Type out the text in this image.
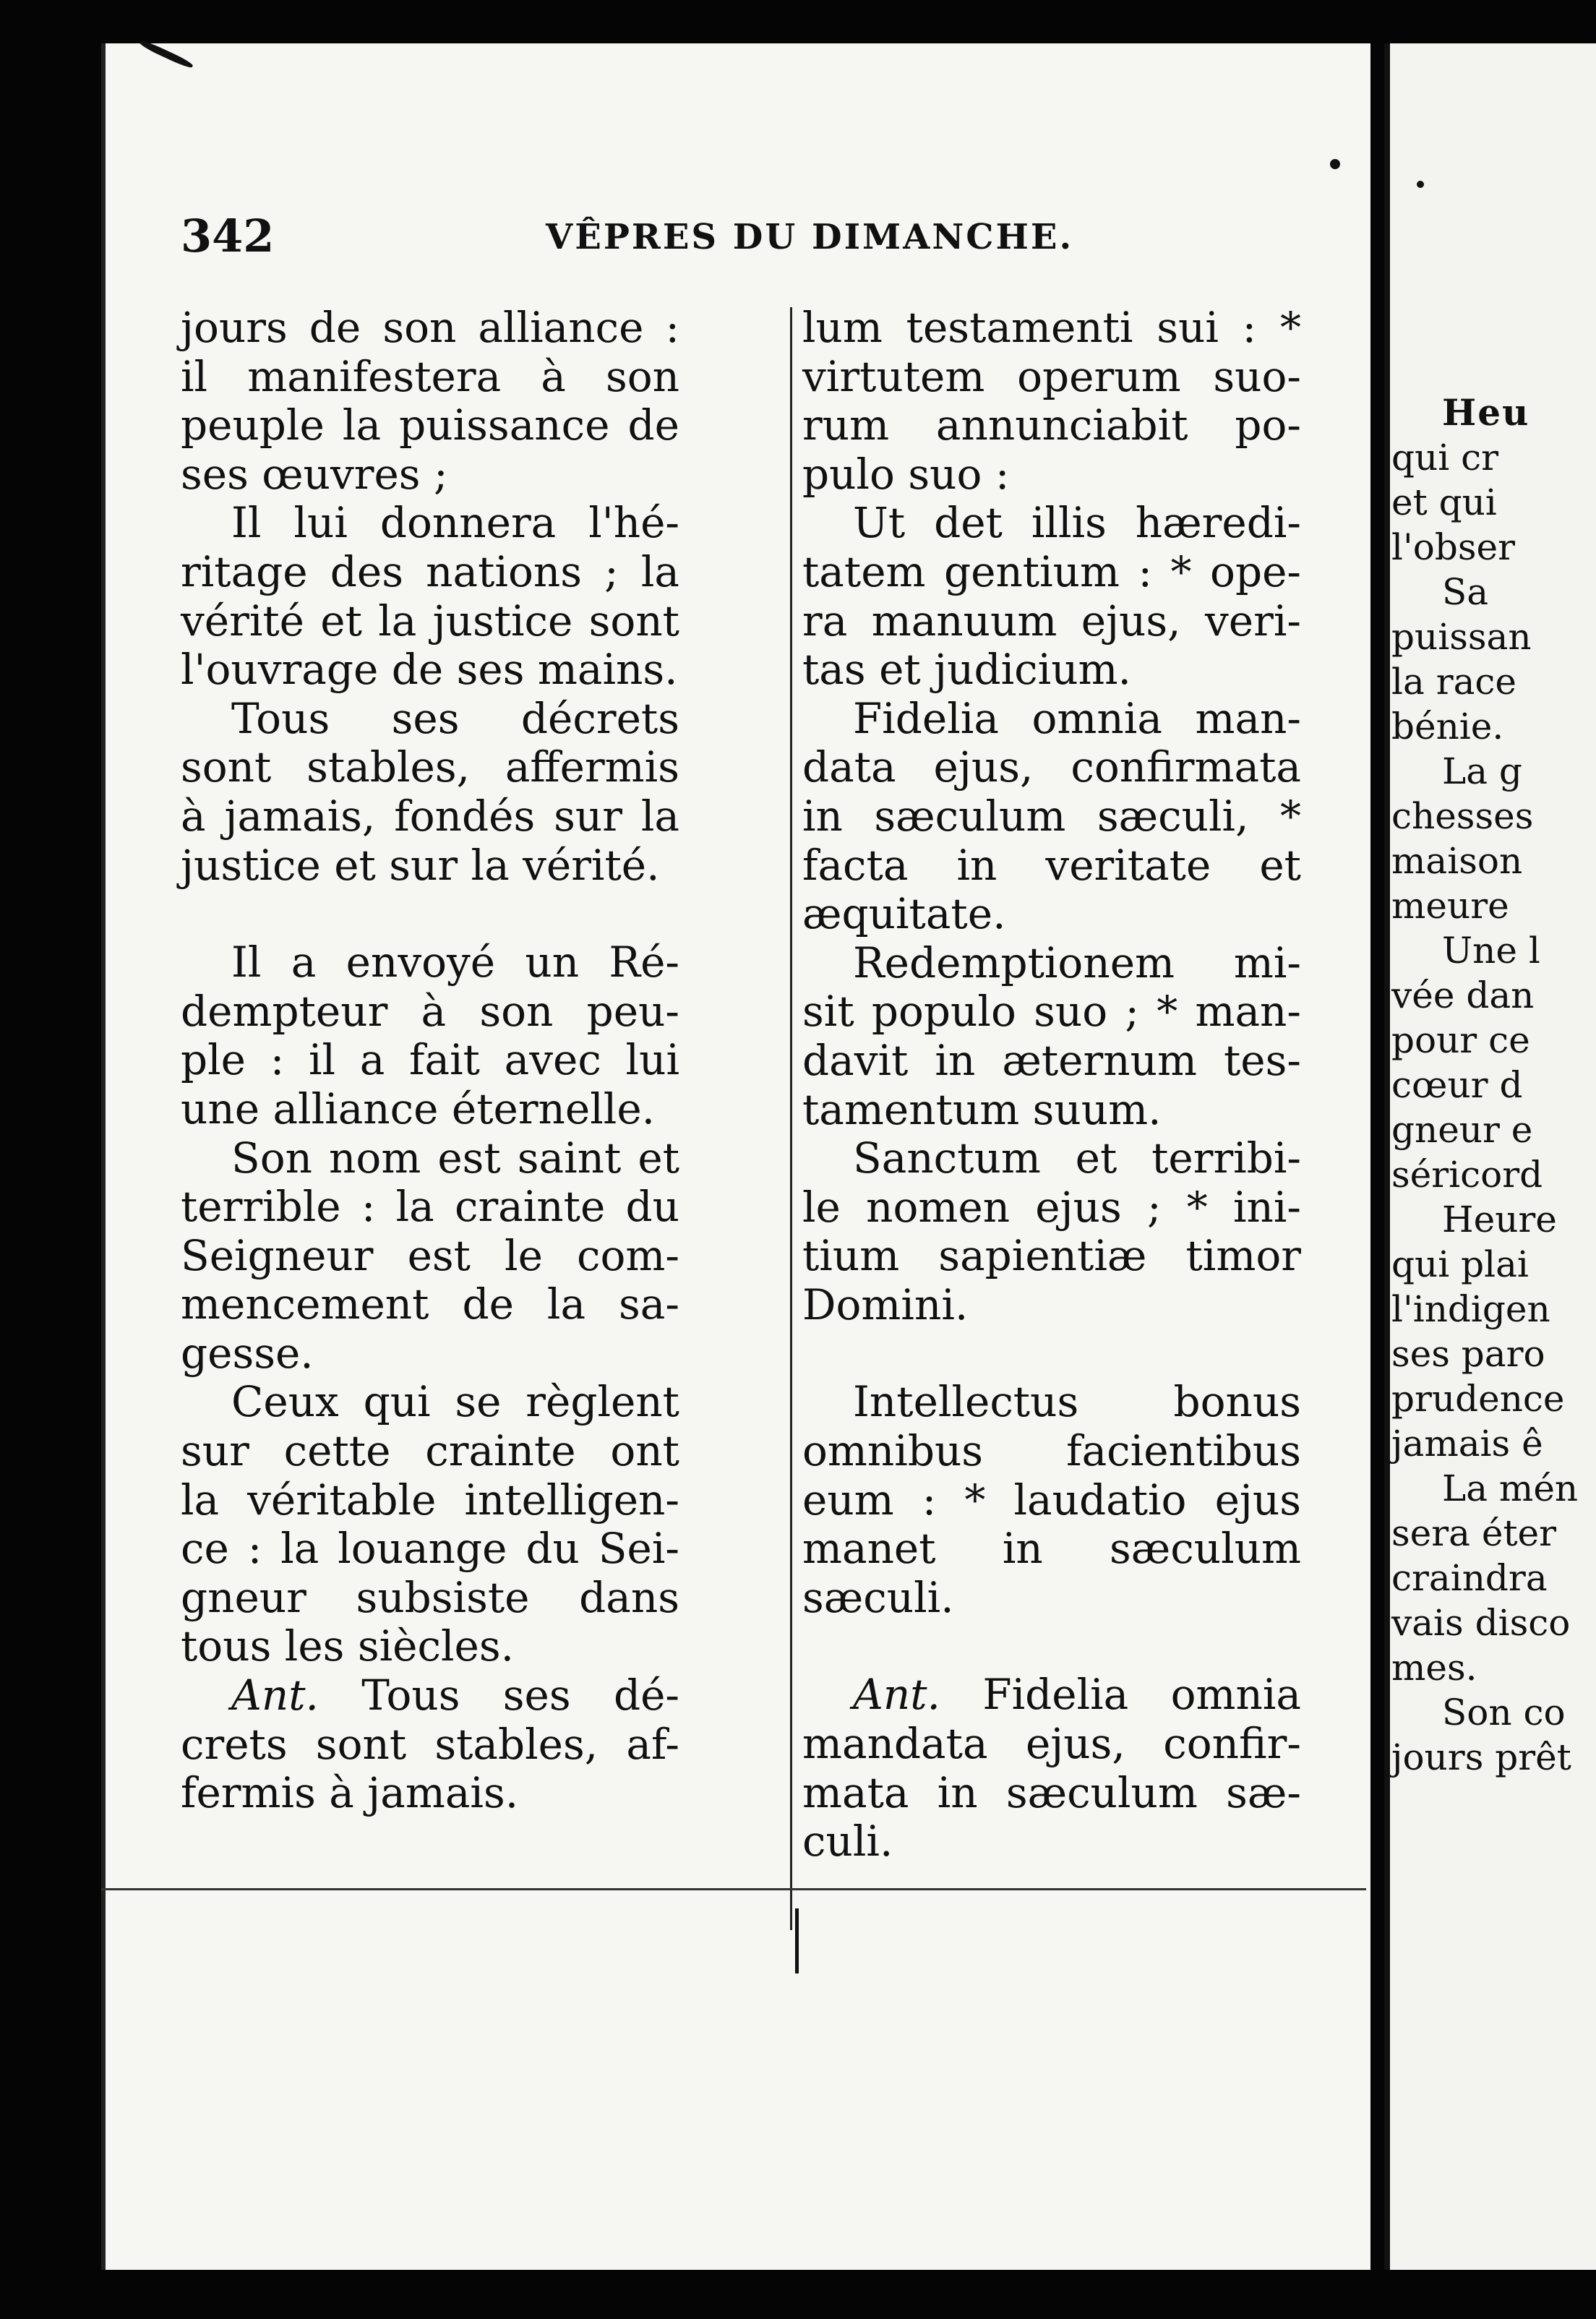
342	VÊPRES DU DIMANCHE.
jours de son alliance :
il manifestera à son
peuple la puissance de
ses œuvres ;
Il lui donnera l'hé-
ritage des nations ; la
vérité et la justice sont
l'ouvrage de ses mains.
Tous ses décrets
sont stables, affermis
à jamais, fondés sur la
justice et sur la vérité.
Il a envoyé un Ré-
dempteur à son peu-
ple : il a fait avec lui
une alliance éternelle.
Son nom est saint et
terrible : la crainte du
Seigneur est le com-
mencement de la sa-
gesse.
Ceux qui se règlent
sur cette crainte ont
la véritable intelligen-
ce : la louange du Sei-
gneur subsiste dans
tous les siècles.
Ant. Tous ses dé-
crets sont stables, af-
fermis à jamais.
lum testamenti sui : *
virtutem operum suo-
rum annunciabit po-
pulo suo :
Ut det illis hæredi-
tatem gentium : * ope-
ra manuum ejus, veri-
tas et judicium.
Fidelia omnia man-
data ejus, confirmata
in sæculum sæculi, *
facta in veritate et
æquitate.
Redemptionem mi-
sit populo suo ; * man-
davit in æternum tes-
tamentum suum.
Sanctum et terribi-
le nomen ejus ; * ini-
tium sapientiæ timor
Domini.
Intellectus bonus
omnibus facientibus
eum : * laudatio ejus
manet in sæculum
sæculi.
Ant. Fidelia omnia
mandata ejus, confir-
mata in sæculum sæ-
culi.
Heu
qui cr
et qui
l'obser
Sa
puissan
la race
bénie.
La g
chesses
maison
meure
Une l
vée dan
pour ce
cœur d
gneur e
séricord
Heure
qui plai
l'indigen
ses paro
prudence
jamais ê
La mén
sera éter
craindra
vais disco
mes.
Son co
jours prêt
